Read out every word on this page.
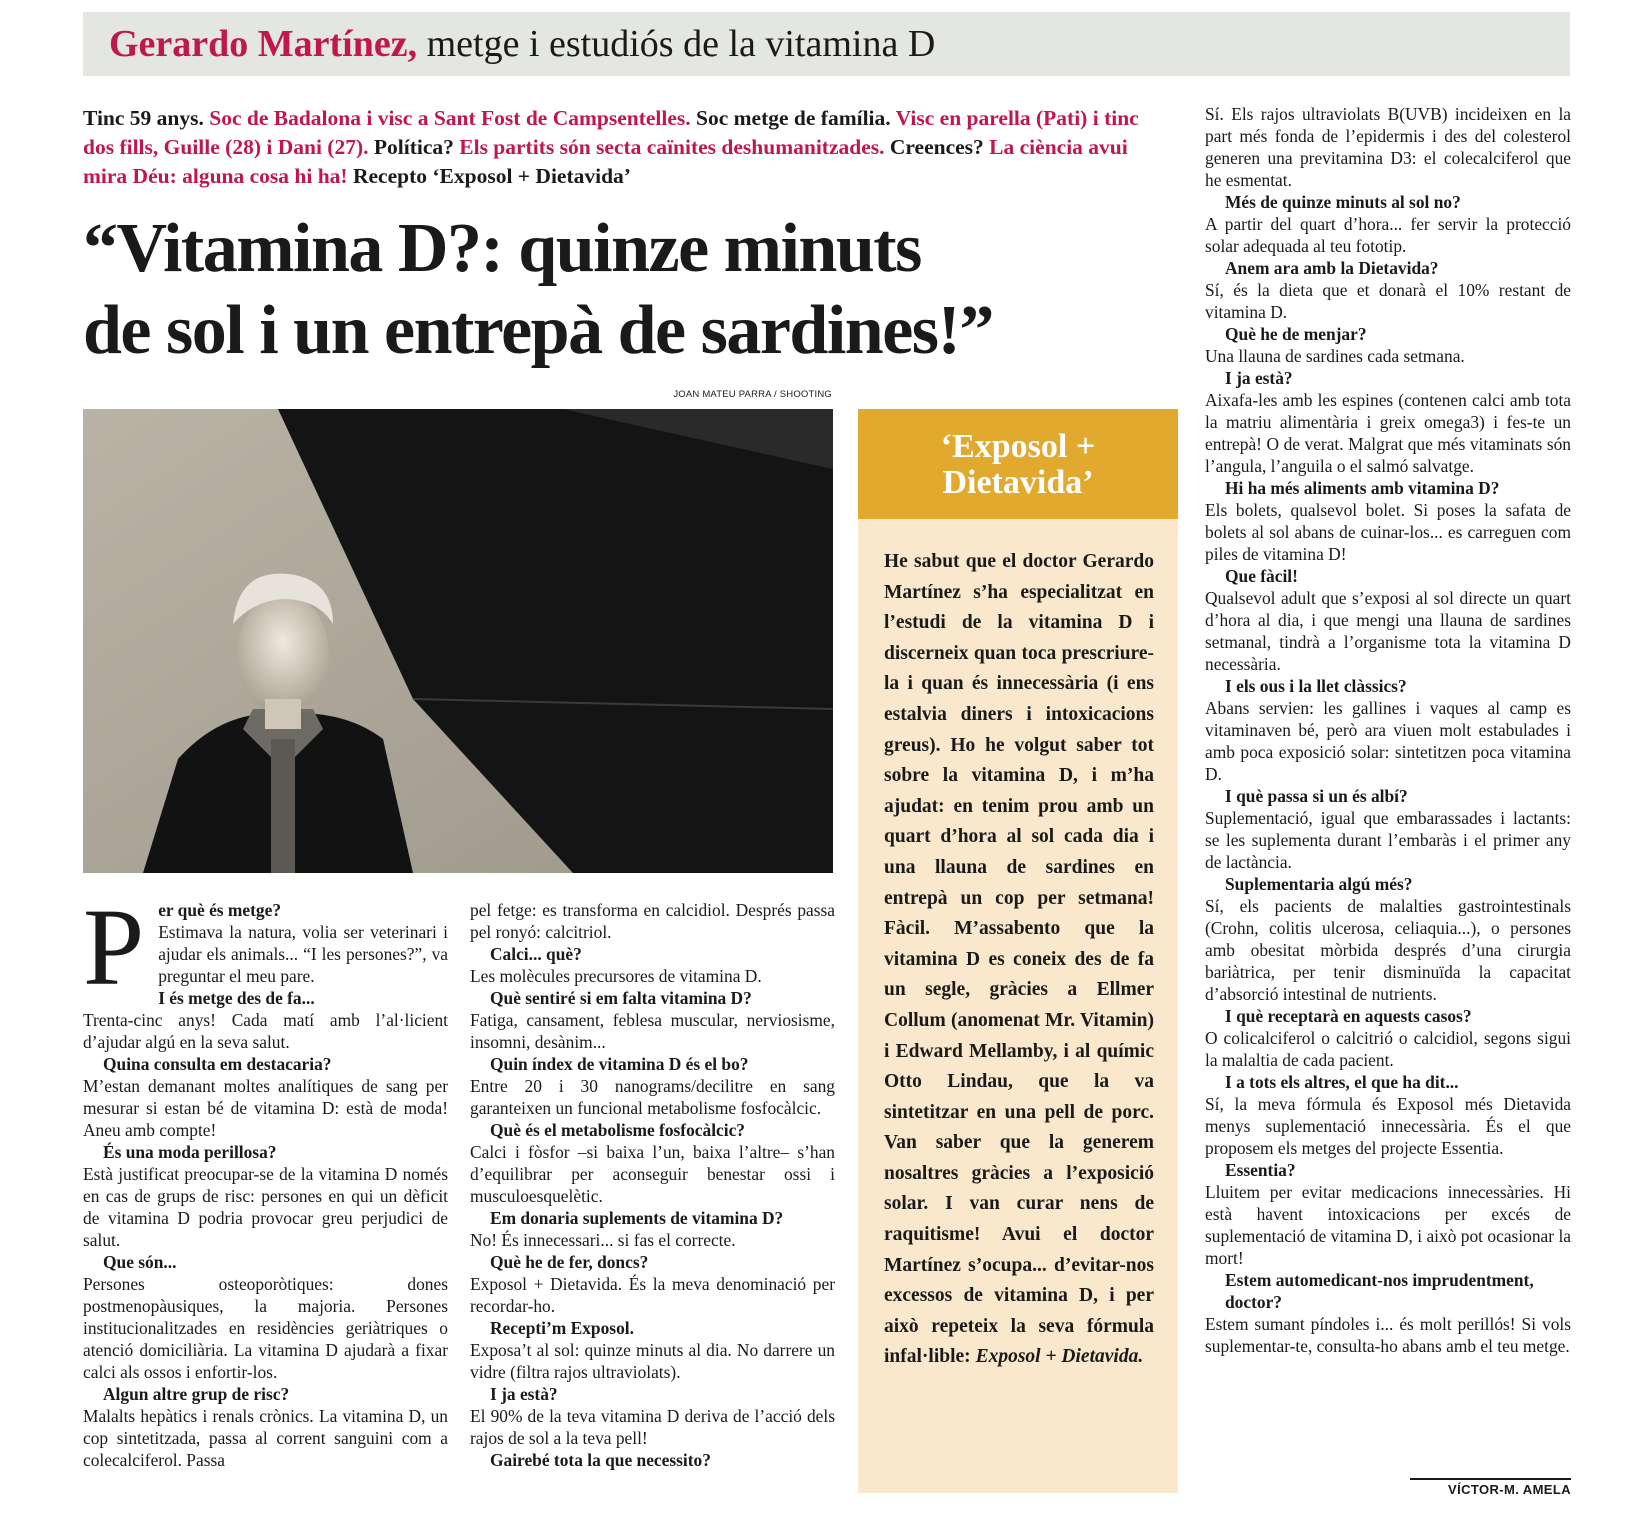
Gerardo Martínez, metge i estudiós de la vitamina D
Tinc 59 anys. Soc de Badalona i visc a Sant Fost de Campsentelles. Soc metge de família. Visc en parella (Pati) i tinc dos fills, Guille (28) i Dani (27). Política? Els partits són secta caïnites deshumanitzades. Creences? La ciència avui mira Déu: alguna cosa hi ha! Recepto ‘Exposol + Dietavida’
“Vitamina D?: quinze minuts
de sol i un entrepà de sardines!”
JOAN MATEU PARRA / SHOOTING
P er què és metge?

Estimava la natura, volia ser veterinari i ajudar els animals... “I les persones?”, va preguntar el meu pare.

I és metge des de fa...

Trenta-cinc anys! Cada matí amb l’al·licient d’ajudar algú en la seva salut.

Quina consulta em destacaria?

M’estan demanant moltes analítiques de sang per mesurar si estan bé de vitamina D: està de moda! Aneu amb compte!

És una moda perillosa?

Està justificat preocupar-se de la vitamina D només en cas de grups de risc: persones en qui un dèficit de vitamina D podria provocar greu perjudici de salut.

Que són...

Persones osteoporòtiques: dones postmenopàusiques, la majoria. Persones institucionalitzades en residències geriàtriques o atenció domiciliària. La vitamina D ajudarà a fixar calci als ossos i enfortir-los.

Algun altre grup de risc?

Malalts hepàtics i renals crònics. La vitamina D, un cop sintetitzada, passa al corrent sanguini com a colecalciferol. Passa

pel fetge: es transforma en calcidiol. Després passa pel ronyó: calcitriol.

Calci... què?

Les molècules precursores de vitamina D.

Què sentiré si em falta vitamina D?

Fatiga, cansament, feblesa muscular, nerviosisme, insomni, desànim...

Quin índex de vitamina D és el bo?

Entre 20 i 30 nanograms/decilitre en sang garanteixen un funcional metabolisme fosfocàlcic.

Què és el metabolisme fosfocàlcic?

Calci i fòsfor –si baixa l’un, baixa l’altre– s’han d’equilibrar per aconseguir benestar ossi i musculoesquelètic.

Em donaria suplements de vitamina D?

No! És innecessari... si fas el correcte.

Què he de fer, doncs?

Exposol + Dietavida. És la meva denominació per recordar-ho.

Recepti’m Exposol.

Exposa’t al sol: quinze minuts al dia. No darrere un vidre (filtra rajos ultraviolats).

I ja està?

El 90% de la teva vitamina D deriva de l’acció dels rajos de sol a la teva pell!

Gairebé tota la que necessito?

‘Exposol +
Dietavida’
He sabut que el doctor Gerardo Martínez s’ha especialitzat en l’estudi de la vitamina D i discerneix quan toca prescriure-la i quan és innecessària (i ens estalvia diners i intoxicacions greus). Ho he volgut saber tot sobre la vitamina D, i m’ha ajudat: en tenim prou amb un quart d’hora al sol cada dia i una llauna de sardines en entrepà un cop per setmana! Fàcil. M’assabento que la vitamina D es coneix des de fa un segle, gràcies a Ellmer Collum (anomenat Mr. Vitamin) i Edward Mellamby, i al químic Otto Lindau, que la va sintetitzar en una pell de porc. Van saber que la generem nosaltres gràcies a l’exposició solar. I van curar nens de raquitisme! Avui el doctor Martínez s’ocupa... d’evitar-nos excessos de vitamina D, i per això repeteix la seva fórmula infal·lible: Exposol + Dietavida.

Sí. Els rajos ultraviolats B(UVB) incideixen en la part més fonda de l’epidermis i des del colesterol generen una previtamina D3: el colecalciferol que he esmentat.

Més de quinze minuts al sol no?

A partir del quart d’hora... fer servir la protecció solar adequada al teu fototip.

Anem ara amb la Dietavida?

Sí, és la dieta que et donarà el 10% restant de vitamina D.

Què he de menjar?

Una llauna de sardines cada setmana.

I ja està?

Aixafa-les amb les espines (contenen calci amb tota la matriu alimentària i greix omega3) i fes-te un entrepà! O de verat. Malgrat que més vitaminats són l’angula, l’anguila o el salmó salvatge.

Hi ha més aliments amb vitamina D?

Els bolets, qualsevol bolet. Si poses la safata de bolets al sol abans de cuinar-los... es carreguen com piles de vitamina D!

Que fàcil!

Qualsevol adult que s’exposi al sol directe un quart d’hora al dia, i que mengi una llauna de sardines setmanal, tindrà a l’organisme tota la vitamina D necessària.

I els ous i la llet clàssics?

Abans servien: les gallines i vaques al camp es vitaminaven bé, però ara viuen molt estabulades i amb poca exposició solar: sintetitzen poca vitamina D.

I què passa si un és albí?

Suplementació, igual que embarassades i lactants: se les suplementa durant l’embaràs i el primer any de lactància.

Suplementaria algú més?

Sí, els pacients de malalties gastrointestinals (Crohn, colitis ulcerosa, celiaquia...), o persones amb obesitat mòrbida després d’una cirurgia bariàtrica, per tenir disminuïda la capacitat d’absorció intestinal de nutrients.

I què receptarà en aquests casos?

O colicalciferol o calcitrió o calcidiol, segons sigui la malaltia de cada pacient.

I a tots els altres, el que ha dit...

Sí, la meva fórmula és Exposol més Dietavida menys suplementació innecessària. És el que proposem els metges del projecte Essentia.

Essentia?

Lluitem per evitar medicacions innecessàries. Hi està havent intoxicacions per excés de suplementació de vitamina D, i això pot ocasionar la mort!

Estem automedicant-nos imprudentment, doctor?

Estem sumant píndoles i... és molt perillós! Si vols suplementar-te, consulta-ho abans amb el teu metge.

VÍCTOR-M. AMELA
